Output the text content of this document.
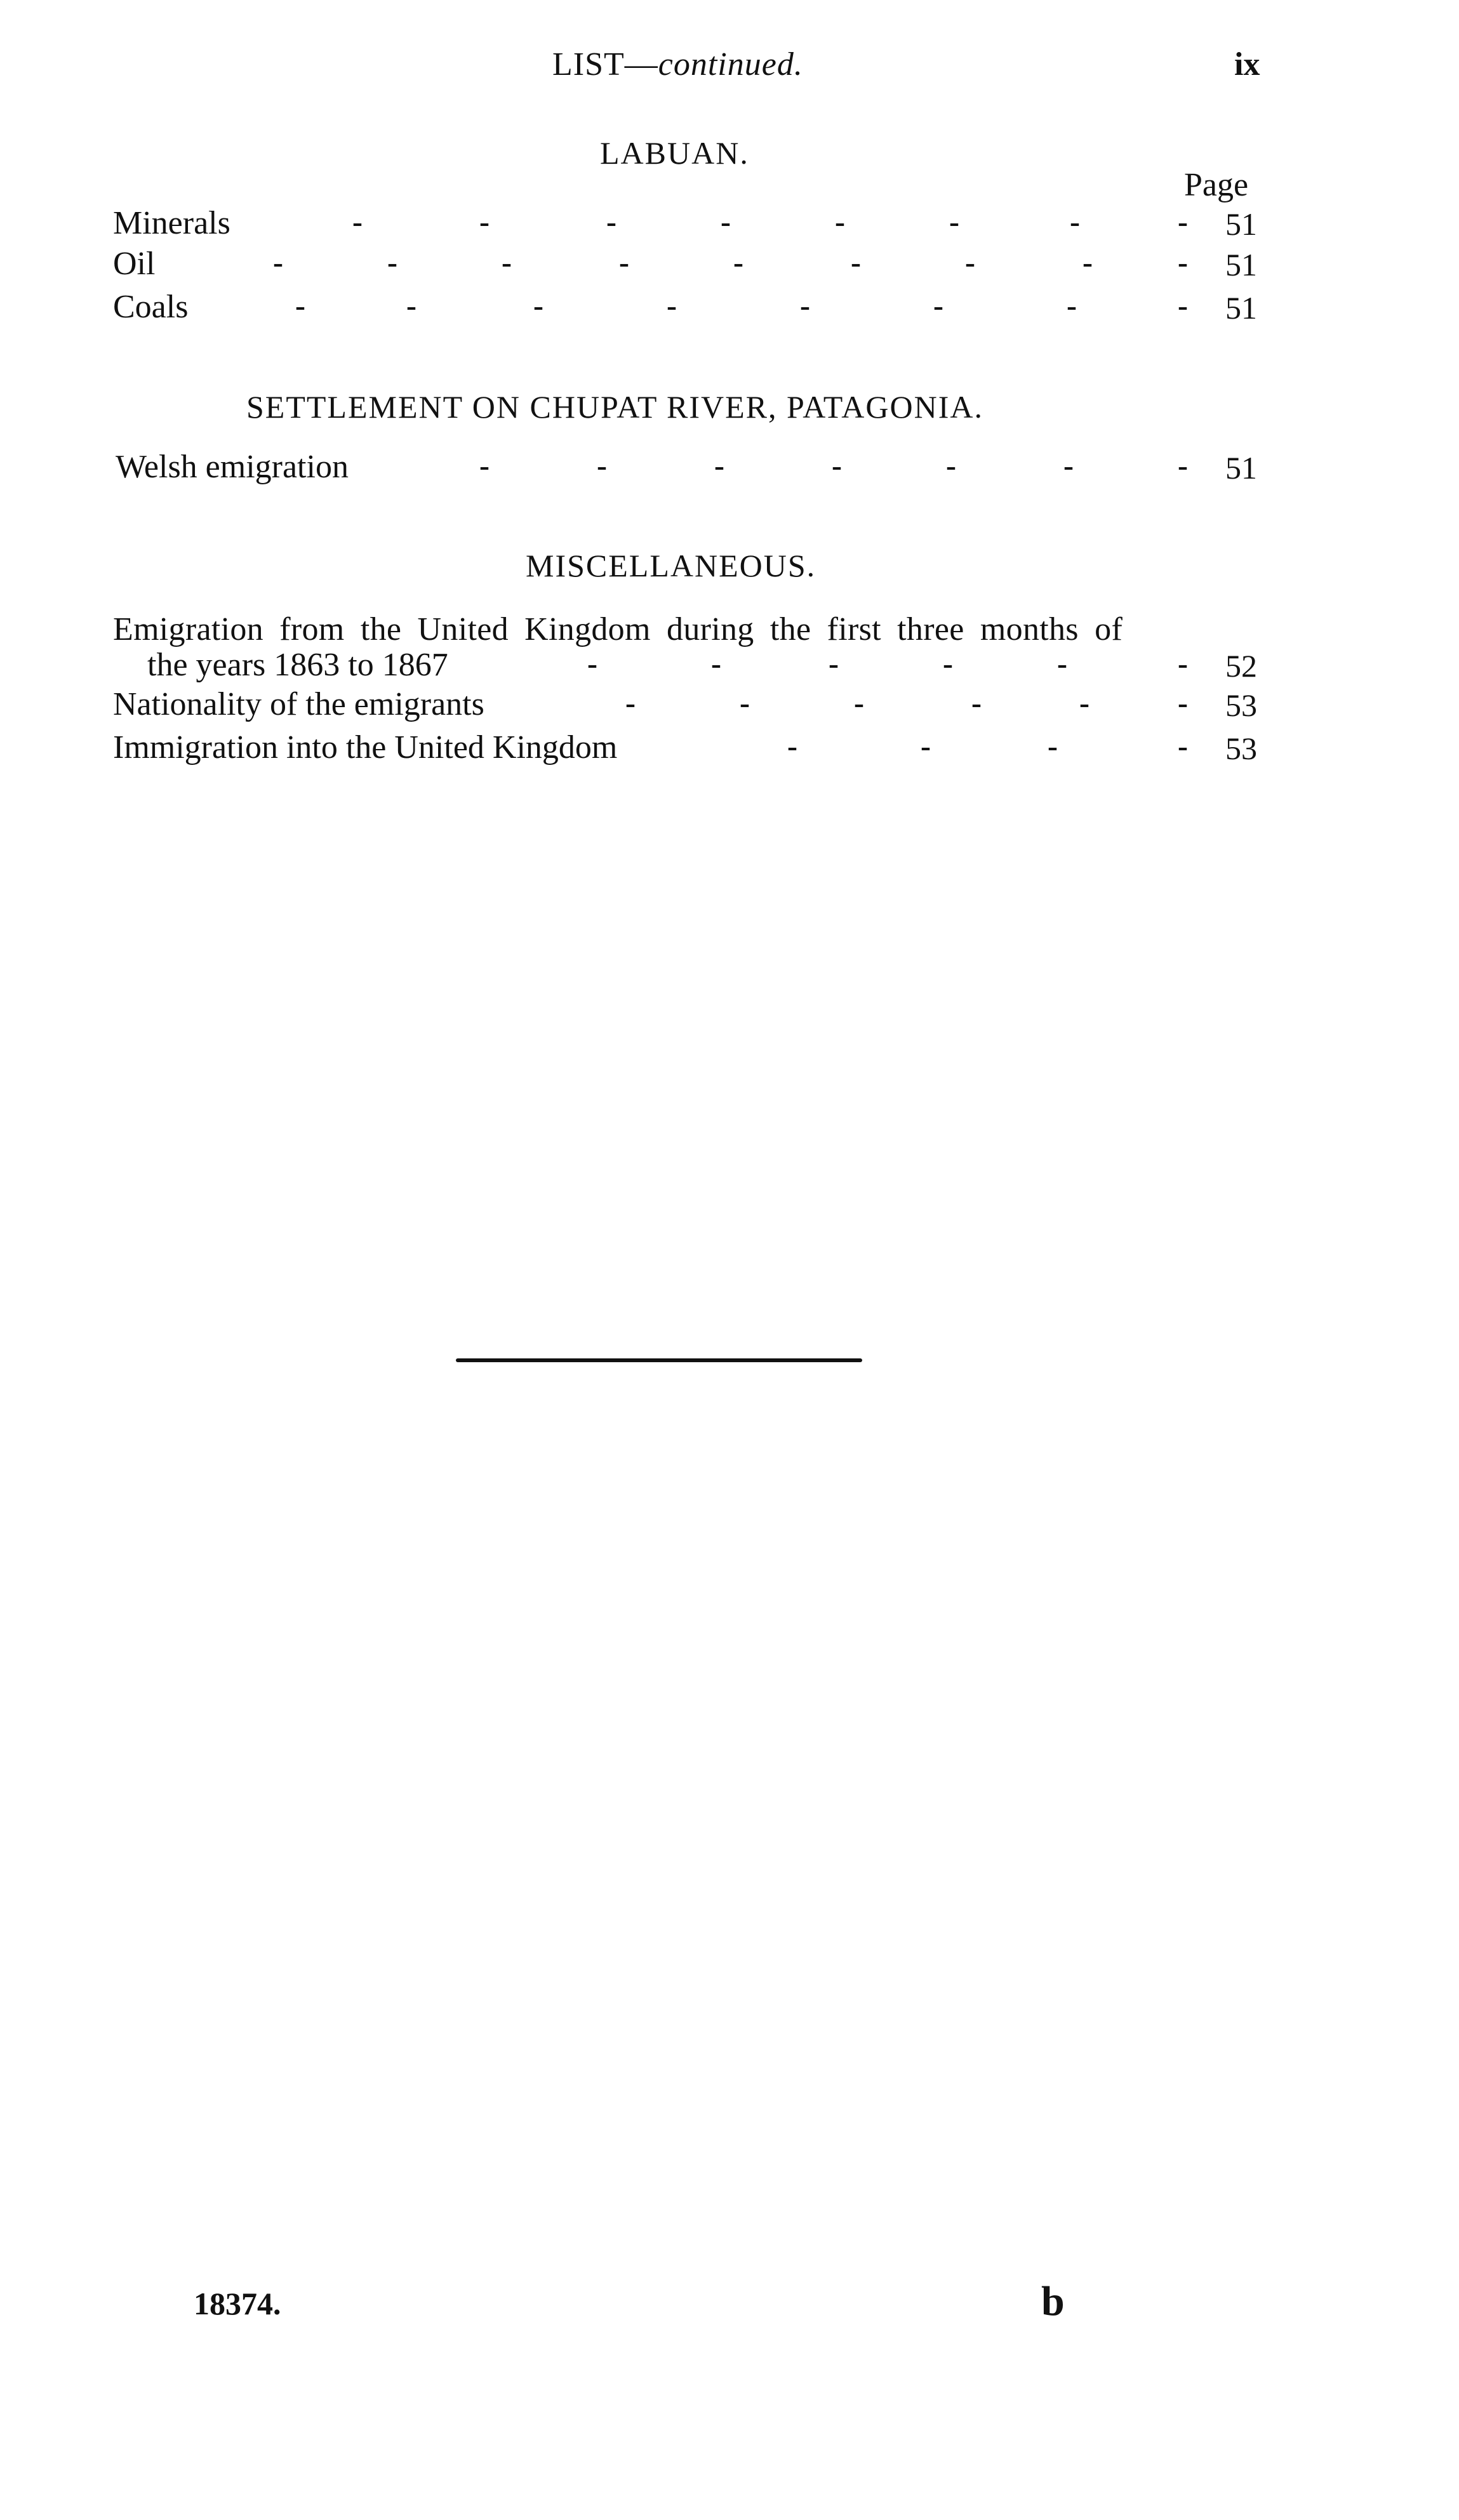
LIST—continued.	ix
LABUAN.
Page
Minerals	-	-	-	-	-	-	-	-	51
Oil	-	-	-	-	-	-	-	-	-	51
Coals	-	-	-	-	-	-	-	-	51
SETTLEMENT ON CHUPAT RIVER, PATAGONIA.
Welsh emigration	-	-	-	-	-	-	-	51
MISCELLANEOUS.
Emigration from the United Kingdom during the first three months of
the years 1863 to 1867	-	-	-	-	-	-	52
Nationality of the emigrants	-	-	-	-	-	-	53
Immigration into the United Kingdom	-	-	-	-	53
18374.	b
